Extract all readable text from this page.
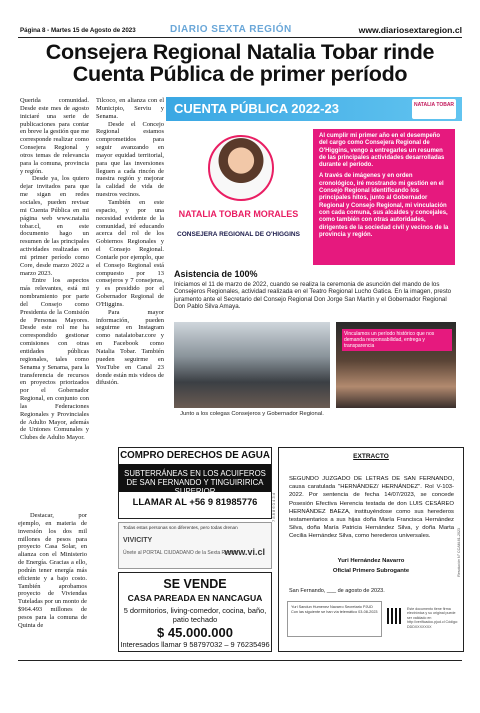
Página 8 - Martes 15 de Agosto de 2023	DIARIO SEXTA REGIÓN	www.diariosextaregion.cl
Consejera Regional Natalia Tobar rinde Cuenta Pública de primer período

Querida comunidad. Desde este mes de agosto iniciaré una serie de publicaciones para contar en breve la gestión que me corresponde realizar como Consejera Regional y otros temas de relevancia para la comuna, provincia y región.

Desde ya, los quiero dejar invitados para que me sigan en redes sociales, pueden revisar mi Cuenta Pública en mi página web www.natalia tobar.cl, en este documento hago un resumen de las principales actividades realizadas en mi primer período como Core, desde marzo 2022 a marzo 2023.

Entre los aspectos más relevantes, está mi nombramiento por parte del Consejo como Presidenta de la Comisión de Personas Mayores. Desde este rol me ha correspondido gestionar comisiones con otras entidades públicas regionales, tales como Senama y Senama, para la transferencia de recursos en proyectos priorizados por el Gobernador Regional, en conjunto con las Federaciones Regionales y Provinciales de Adulto Mayor, además de Uniones Comunales y Clubes de Adulto Mayor.

Tilcoco, en alianza con el Municipio, Serviu y Senama.

Desde el Concejo Regional estamos comprometidos para seguir avanzando en mayor equidad territorial, para que las inversiones lleguen a cada rincón de nuestra región y mejorar la calidad de vida de nuestros vecinos.

También en este espacio, y por una necesidad evidente de la comunidad, iré educando acerca del rol de los Gobiernos Regionales y el Consejo Regional. Contarle por ejemplo, que el Consejo Regional está compuesto por 13 consejeros y 7 consejeras, y es presidido por el Gobernador Regional de O'Higgins.

Para mayor información, pueden seguirme en Instagram como natalatobar.core y en Facebook como Natalia Tobar. También pueden seguirme en YouTube en Canal 23 donde están mis videos de difusión.

Destacar, por ejemplo, en materia de inversión los dos mil millones de pesos para proyecto Casa Solar, en alianza con el Ministerio de Energía. Gracias a ello, podrán tener energía más eficiente y a bajo costo. También aprobamos proyecto de Viviendas Tuteladas por un monto de $964.493 millones de pesos para la comuna de Quinta de

CUENTA PÚBLICA 2022-23	NATALIA TOBAR
NATALIA TOBAR MORALES
CONSEJERA REGIONAL DE O'HIGGINS

Al cumplir mi primer año en el desempeño del cargo como Consejera Regional de O'Higgins, vengo a entregarles un resumen de las principales actividades desarrolladas durante el período.

A través de imágenes y en orden cronológico, iré mostrando mi gestión en el Consejo Regional identificando los principales hitos, junto al Gobernador Regional y Consejo Regional, mi vinculación con cada comuna, sus alcaldes y concejales, como también con otras autoridades, dirigentes de la sociedad civil y vecinos de la provincia y región.

Asistencia de 100%
Iniciamos el 11 de marzo de 2022, cuando se realiza la ceremonia de asunción del mando de los Consejeros Regionales, actividad realizada en el Teatro Regional Lucho Gatica. En la imagen, presto juramento ante el Secretario del Consejo Regional Don Jorge San Martín y el Gobernador Regional Don Pablo Silva Amaya.
Vinculamos un período histórico que nos demanda responsabilidad, entrega y transparencia
Junto a los colegas Consejeros y Gobernador Regional.
COMPRO DERECHOS DE AGUA
SUBTERRÁNEAS EN LOS ACUIFEROS DE SAN FERNANDO Y TINGUIRIRICA SUPERIOR
LLAMAR AL +56 9 81985776
Todas estas personas son diferentes, pero todas drenan
VIVICITY
Únete al PORTAL CIUDADANO de la Sexta Región
www.vi.cl
SE VENDE
CASA PAREADA EN NANCAGUA
5 dormitorios, living-comedor, cocina, baño, patio techado
$ 45.000.000
Interesados llamar 9 58797032 – 9 76235496
7 8 8 8 6 0 4 3 d
EXTRACTO
SEGUNDO JUZGADO DE LETRAS DE SAN FERNANDO, causa caratulada "HERNÁNDEZ/ HERNÁNDEZ". Rol V-103-2022. Por sentencia de fecha 14/07/2023, se concede Posesión Efectiva Herencia testada de don LUIS CESÁREO HERNÁNDEZ BAEZA, instituyéndose como sus herederos testamentarios a sus hijas doña María Francisca Hernández Silva, doña María Patricia Hernández Silva, y doña Marta Cecilia Hernández Silva, como herederos universales.
Yuri Hernández Navarro
Oficial Primero Subrogante
San Fernando, ___ de agosto de 2023.
Yuri Sandun Humenez Navarro Secretario PJUD Con las siguiente se han vía telemático 03-08-2023
Este documento tiene firma electrónica y su original puede ser validado en http://verificadoc.pjud.cl Código: DDDXXXXXXX
Resolución N° CCAM-61-2023
